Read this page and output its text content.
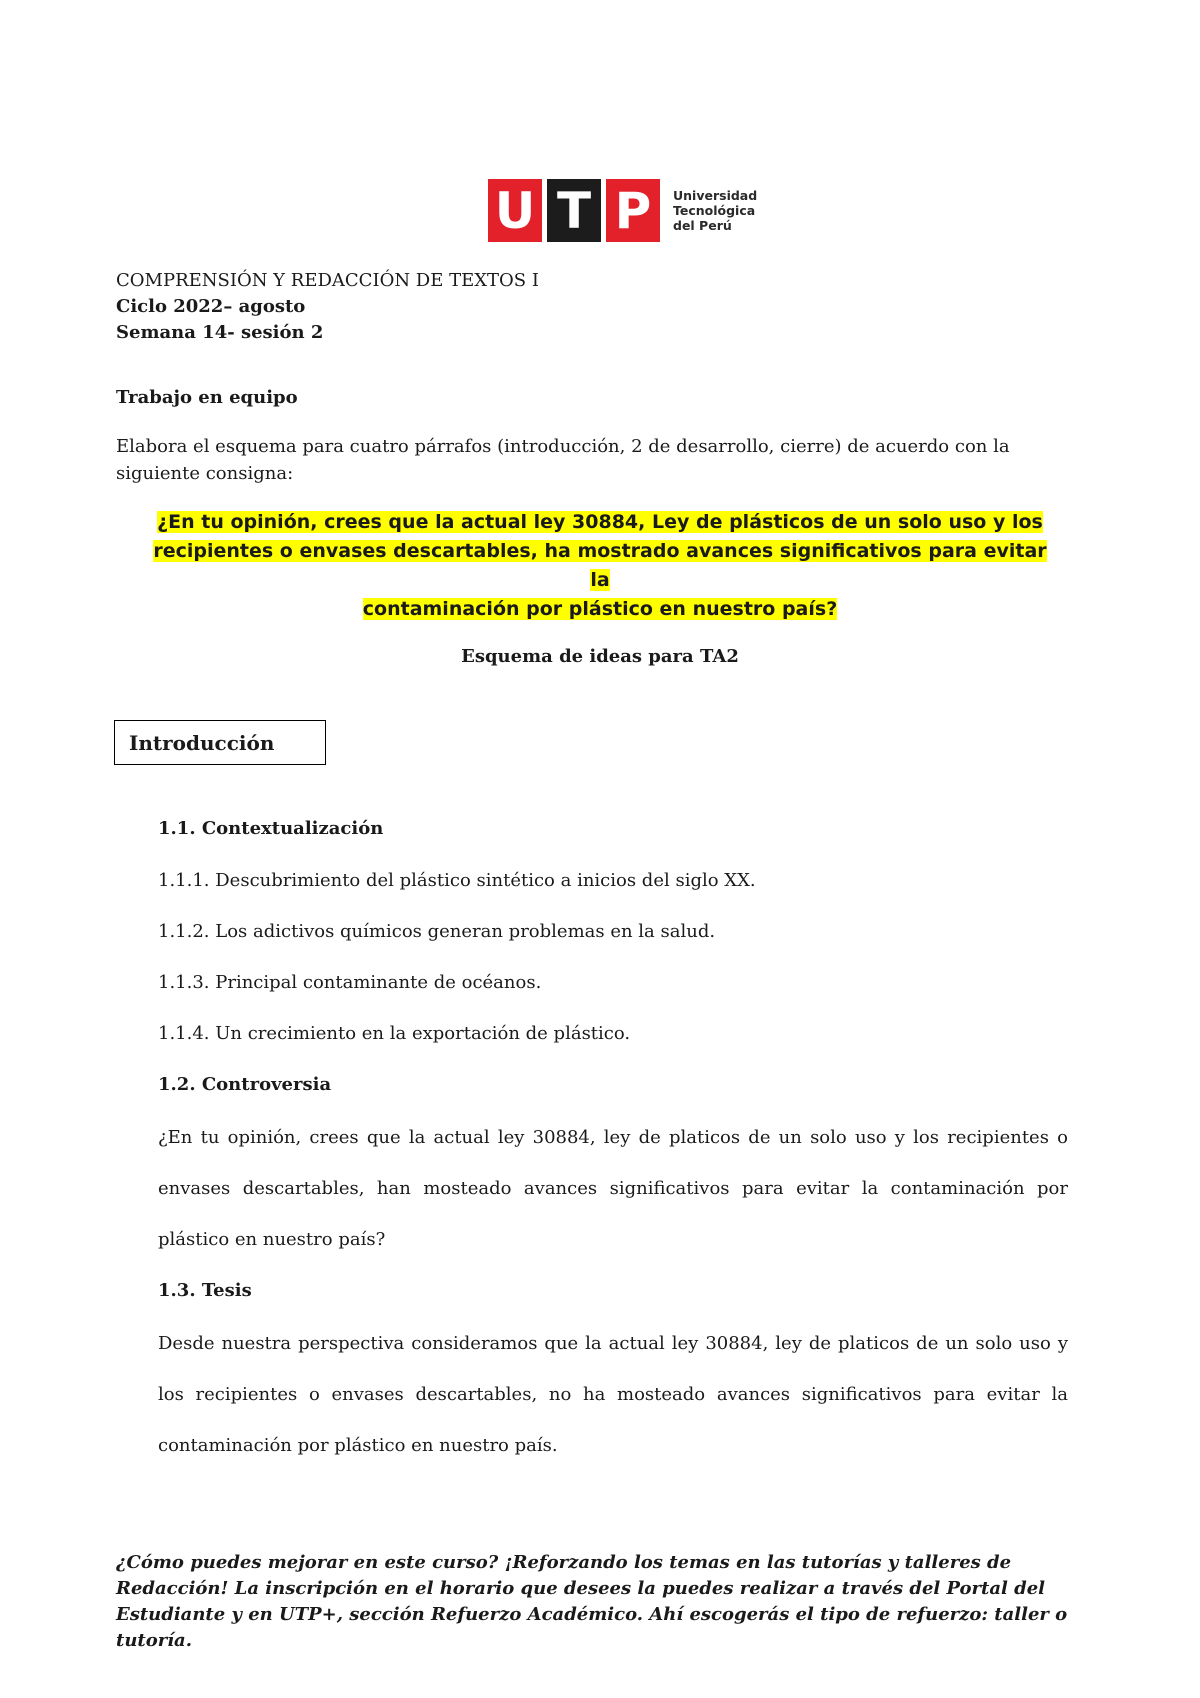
U T P	Universidad
Tecnológica
del Perú
COMPRENSIÓN Y REDACCIÓN DE TEXTOS I
Ciclo 2022– agosto
Semana 14- sesión 2
Trabajo en equipo
Elabora el esquema para cuatro párrafos (introducción, 2 de desarrollo, cierre) de acuerdo con la siguiente consigna:
¿En tu opinión, crees que la actual ley 30884, Ley de plásticos de un solo uso y los
recipientes o envases descartables, ha mostrado avances significativos para evitar la
contaminación por plástico en nuestro país?
Esquema de ideas para TA2
Introducción
1.1. Contextualización
1.1.1. Descubrimiento del plástico sintético a inicios del siglo XX.
1.1.2. Los adictivos químicos generan problemas en la salud.
1.1.3. Principal contaminante de océanos.
1.1.4. Un crecimiento en la exportación de plástico.
1.2. Controversia
¿En tu opinión, crees que la actual ley 30884, ley de platicos de un solo uso y los recipientes o envases descartables, han mosteado avances significativos para evitar la contaminación por plástico en nuestro país?
1.3. Tesis
Desde nuestra perspectiva consideramos que la actual ley 30884, ley de platicos de un solo uso y los recipientes o envases descartables, no ha mosteado avances significativos para evitar la contaminación por plástico en nuestro país.
¿Cómo puedes mejorar en este curso? ¡Reforzando los temas en las tutorías y talleres de Redacción! La inscripción en el horario que desees la puedes realizar a través del Portal del Estudiante y en UTP+, sección Refuerzo Académico. Ahí escogerás el tipo de refuerzo: taller o tutoría.
